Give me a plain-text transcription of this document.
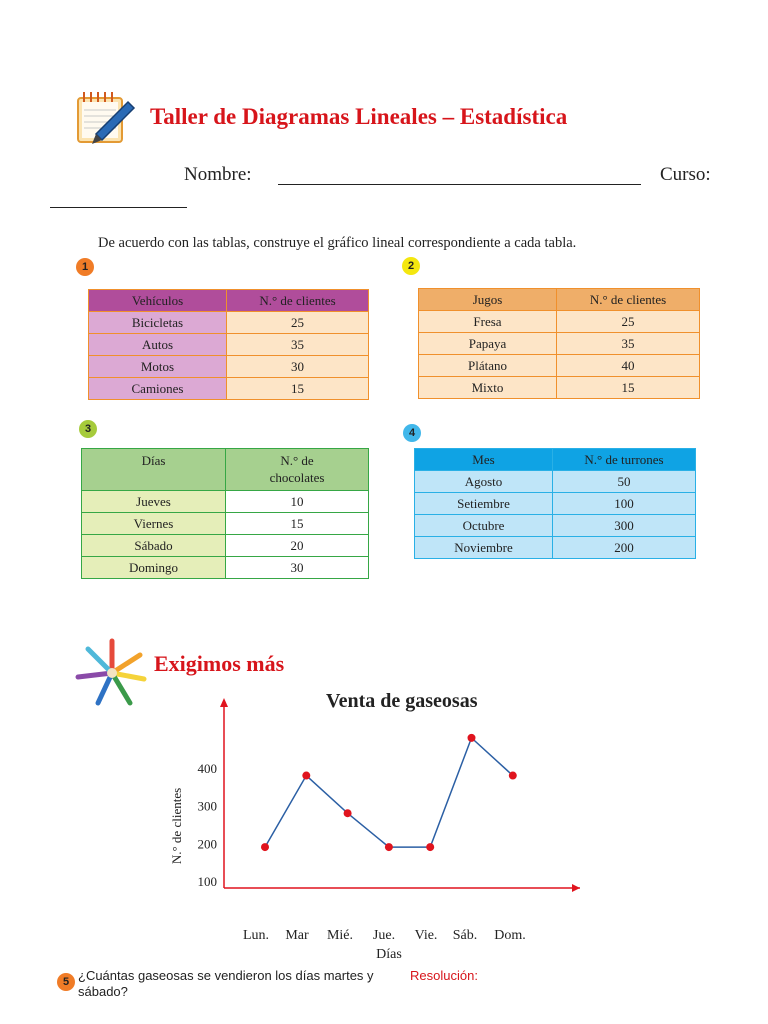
Taller de Diagramas Lineales – Estadística
Nombre:	Curso:
De acuerdo con las tablas, construye el gráfico lineal correspondiente a cada tabla.
1	2
3	4
Vehículos	N.° de clientes
Bicicletas	25
Autos	35
Motos	30
Camiones	15
Jugos	N.° de clientes
Fresa	25
Papaya	35
Plátano	40
Mixto	15
Días	N.° de chocolates
Jueves	10
Viernes	15
Sábado	20
Domingo	30
Mes	N.° de turrones
Agosto	50
Setiembre	100
Octubre	300
Noviembre	200
Exigimos más
Venta de gaseosas
100
200
300
400
Lun. Mar Mié. Jue. Vie. Sáb. Dom.
Días
N.° de clientes
5 ¿Cuántas gaseosas se vendieron los días martes y sábado?
Resolución:
